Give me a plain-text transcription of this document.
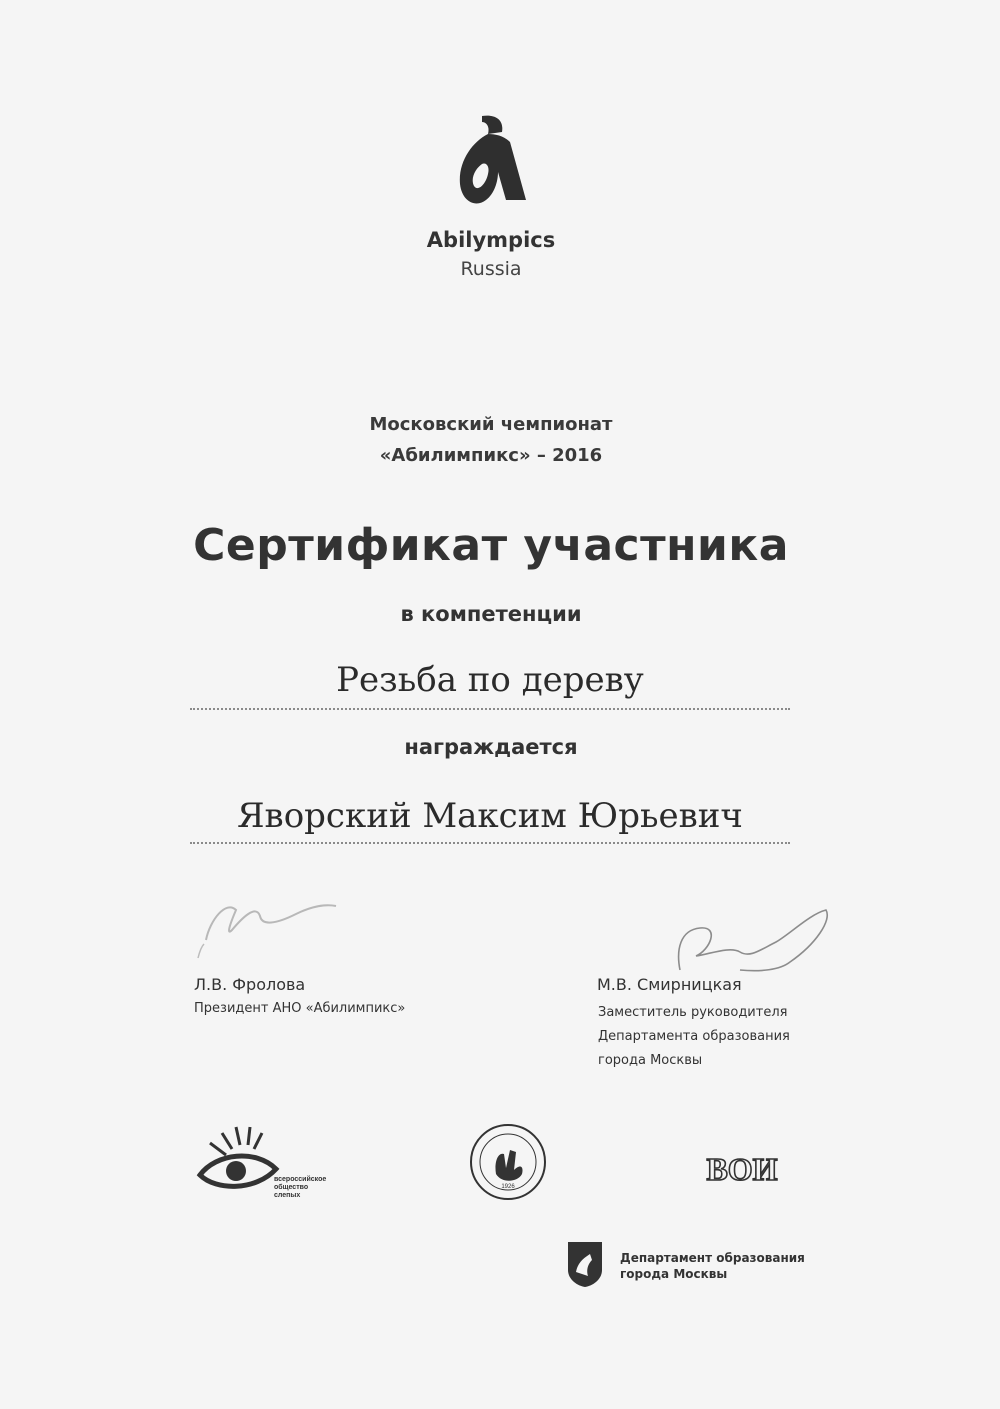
Abilympics
Russia
Московский чемпионат
«Абилимпикс» – 2016
Сертификат участника
в компетенции
Резьба по дереву
награждается
Яворский Максим Юрьевич
Л.В. Фролова
Президент АНО «Абилимпикс»
М.В. Смирницкая
Заместитель руководителя
Департамента образования
города Москвы
всероссийское
общество
слепых
1926	ВОИ
Департамент образования
города Москвы
